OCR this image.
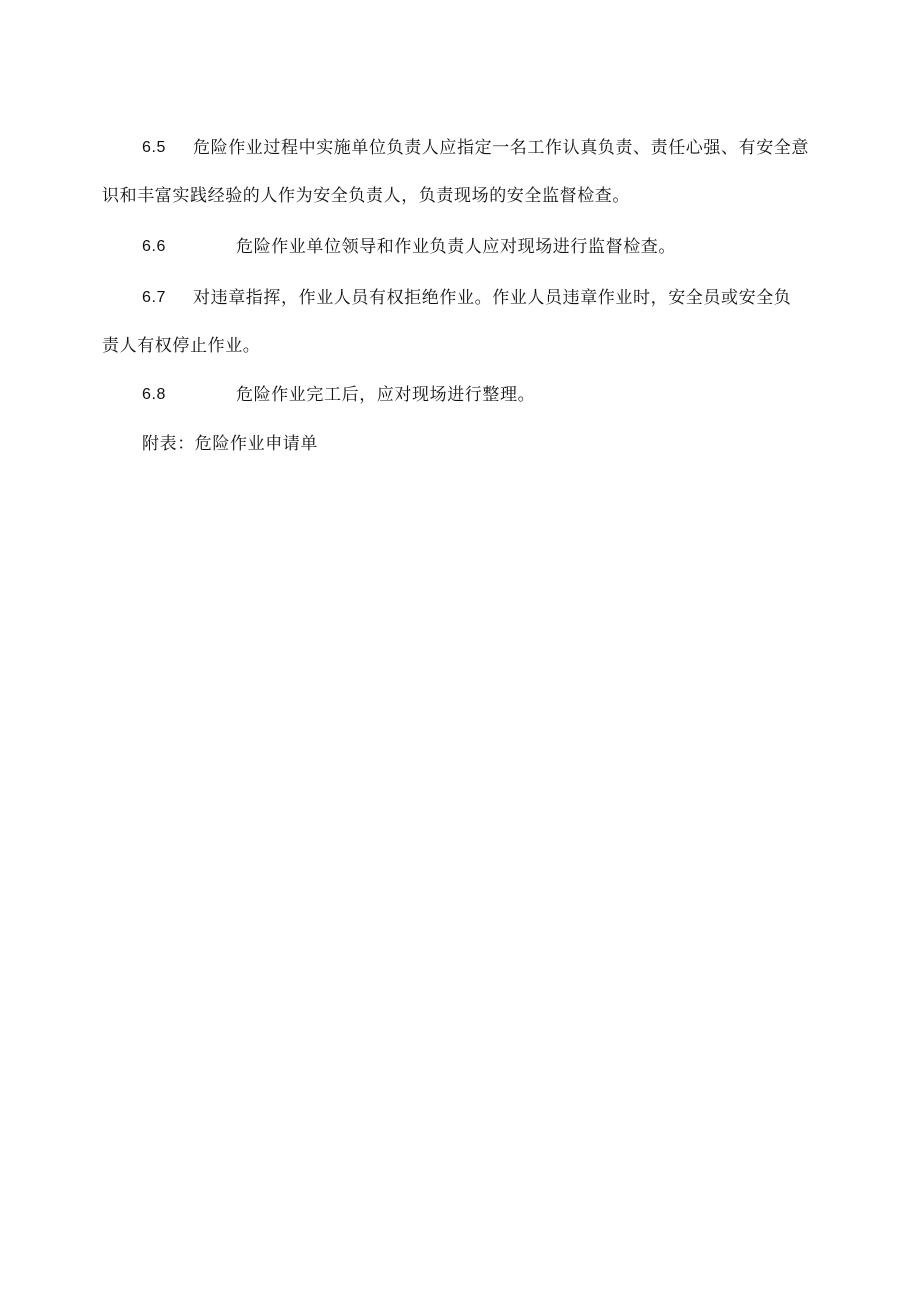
6.5 危险作业过程中实施单位负责人应指定一名工作认真负责、责任心强、有安全意
识和丰富实践经验的人作为安全负责人，负责现场的安全监督检查。
6.6	危险作业单位领导和作业负责人应对现场进行监督检查。
6.7 对违章指挥，作业人员有权拒绝作业。作业人员违章作业时，安全员或安全负
责人有权停止作业。
6.8	危险作业完工后，应对现场进行整理。
附表：危险作业申请单
